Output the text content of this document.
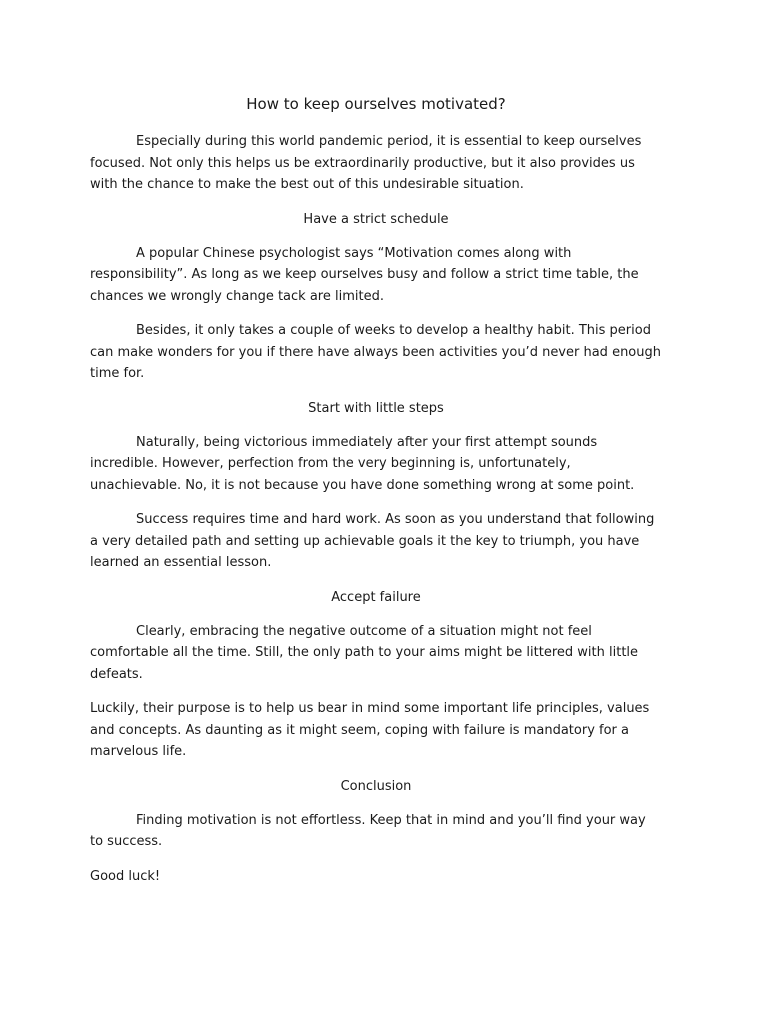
How to keep ourselves motivated?

Especially during this world pandemic period, it is essential to keep ourselves focused. Not only this helps us be extraordinarily productive, but it also provides us with the chance to make the best out of this undesirable situation.

Have a strict schedule

A popular Chinese psychologist says “Motivation comes along with responsibility”. As long as we keep ourselves busy and follow a strict time table, the chances we wrongly change tack are limited.

Besides, it only takes a couple of weeks to develop a healthy habit. This period can make wonders for you if there have always been activities you’d never had enough time for.

Start with little steps

Naturally, being victorious immediately after your first attempt sounds incredible. However, perfection from the very beginning is, unfortunately, unachievable. No, it is not because you have done something wrong at some point.

Success requires time and hard work. As soon as you understand that following a very detailed path and setting up achievable goals it the key to triumph, you have learned an essential lesson.

Accept failure

Clearly, embracing the negative outcome of a situation might not feel comfortable all the time. Still, the only path to your aims might be littered with little defeats.

Luckily, their purpose is to help us bear in mind some important life principles, values and concepts. As daunting as it might seem, coping with failure is mandatory for a marvelous life.

Conclusion

Finding motivation is not effortless. Keep that in mind and you’ll find your way to success.

Good luck!
